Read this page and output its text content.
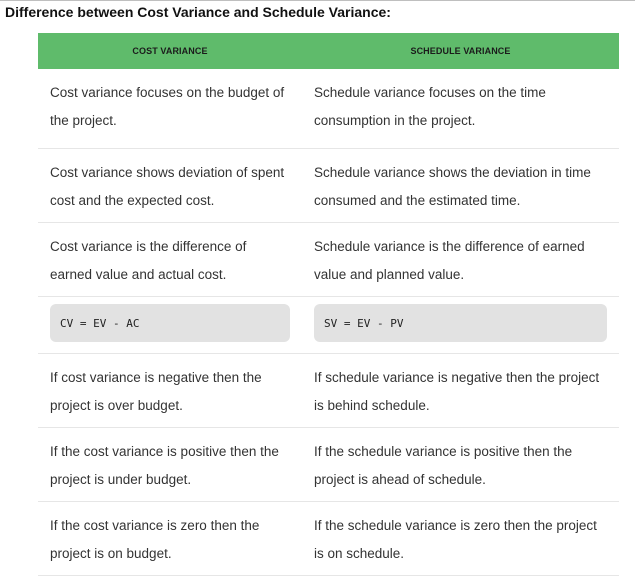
Difference between Cost Variance and Schedule Variance:
COST VARIANCE	SCHEDULE VARIANCE
Cost variance focuses on the budget of the project.	Schedule variance focuses on the time consumption in the project.
Cost variance shows deviation of spent cost and the expected cost.	Schedule variance shows the deviation in time consumed and the estimated time.
Cost variance is the difference of earned value and actual cost.	Schedule variance is the difference of earned value and planned value.

CV = EV - AC	SV = EV - PV

If cost variance is negative then the project is over budget.	If schedule variance is negative then the project is behind schedule.
If the cost variance is positive then the project is under budget.	If the schedule variance is positive then the project is ahead of schedule.
If the cost variance is zero then the project is on budget.	If the schedule variance is zero then the project is on schedule.
